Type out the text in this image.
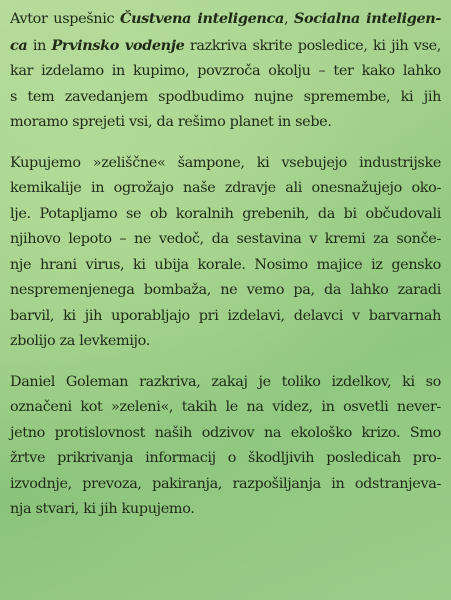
Avtor uspešnic Čustvena inteligenca, Socialna inteligen-
ca in Prvinsko vodenje razkriva skrite posledice, ki jih vse,
kar izdelamo in kupimo, povzroča okolju – ter kako lahko
s tem zavedanjem spodbudimo nujne spremembe, ki jih
moramo sprejeti vsi, da rešimo planet in sebe.

Kupujemo »zeliščne« šampone, ki vsebujejo industrijske
kemikalije in ogrožajo naše zdravje ali onesnažujejo oko-
lje. Potapljamo se ob koralnih grebenih, da bi občudovali
njihovo lepoto – ne vedoč, da sestavina v kremi za sonče-
nje hrani virus, ki ubija korale. Nosimo majice iz gensko
nespremenjenega bombaža, ne vemo pa, da lahko zaradi
barvil, ki jih uporabljajo pri izdelavi, delavci v barvarnah
zbolijo za levkemijo.

Daniel Goleman razkriva, zakaj je toliko izdelkov, ki so
označeni kot »zeleni«, takih le na videz, in osvetli never-
jetno protislovnost naših odzivov na ekološko krizo. Smo
žrtve prikrivanja informacij o škodljivih posledicah pro-
izvodnje, prevoza, pakiranja, razpošiljanja in odstranjeva-
nja stvari, ki jih kupujemo.
